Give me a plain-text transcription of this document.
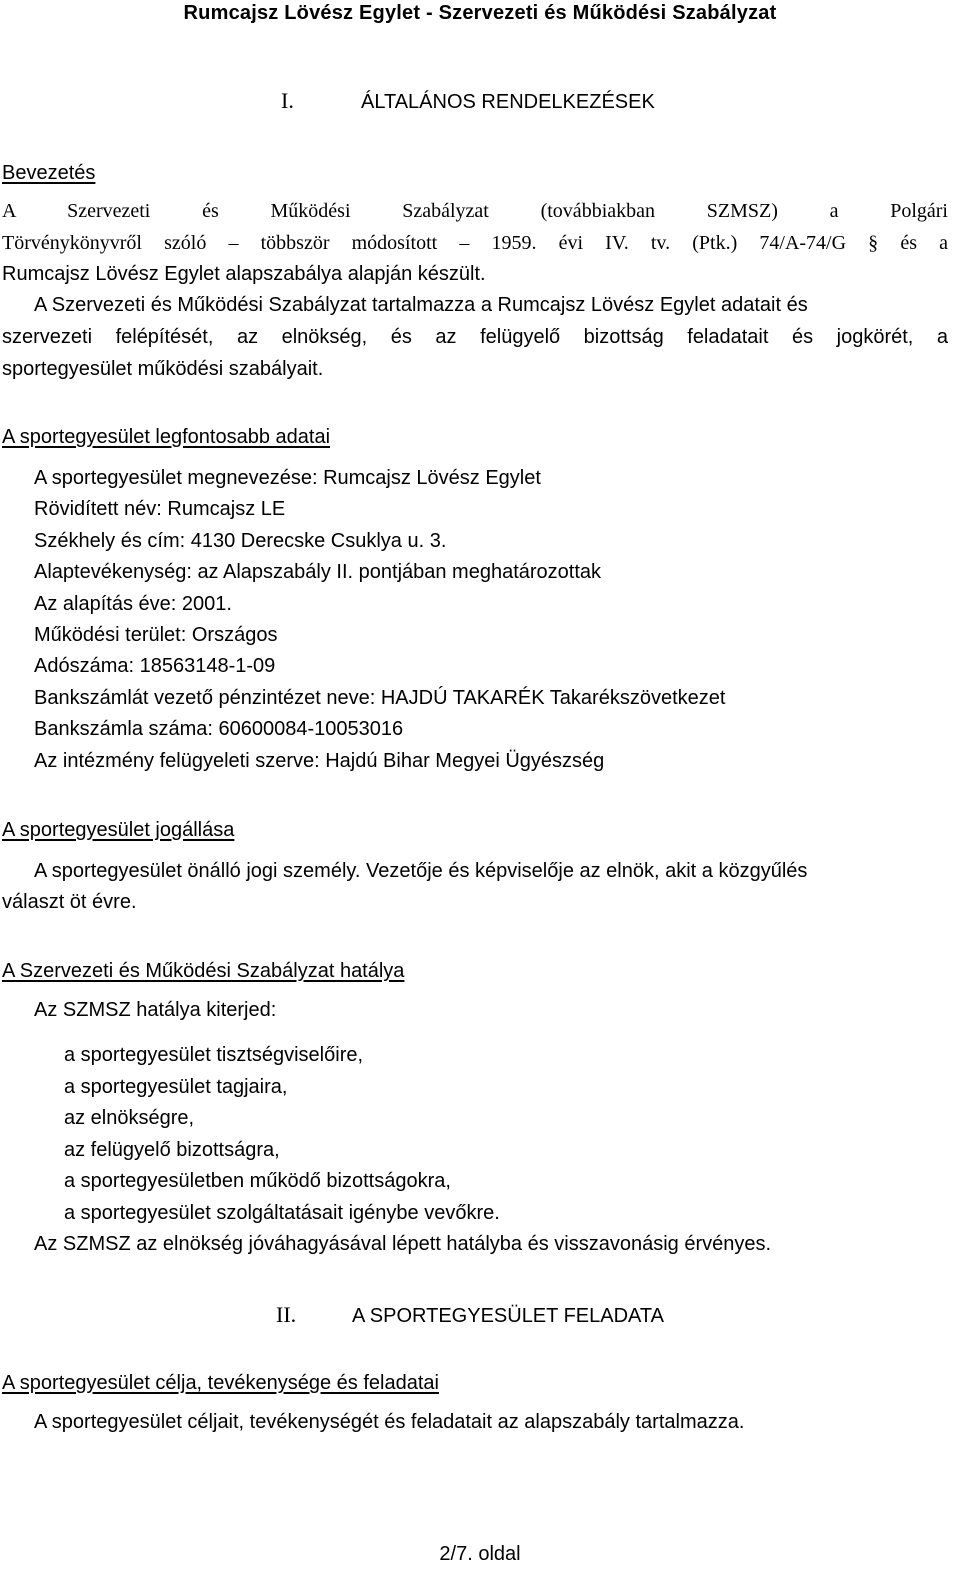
Rumcajsz Lövész Egylet - Szervezeti és Működési Szabályzat
I.	ÁLTALÁNOS RENDELKEZÉSEK
Bevezetés
A Szervezeti és Működési Szabályzat (továbbiakban SZMSZ) a Polgári
Törvénykönyvről szóló – többször módosított – 1959. évi IV. tv. (Ptk.) 74/A-74/G § és a
Rumcajsz Lövész Egylet alapszabálya alapján készült.
A Szervezeti és Működési Szabályzat tartalmazza a Rumcajsz Lövész Egylet adatait és
szervezeti felépítését, az elnökség, és az felügyelő bizottság feladatait és jogkörét, a
sportegyesület működési szabályait.
A sportegyesület legfontosabb adatai
A sportegyesület megnevezése: Rumcajsz Lövész Egylet
Rövidített név: Rumcajsz LE
Székhely és cím: 4130 Derecske Csuklya u. 3.
Alaptevékenység: az Alapszabály II. pontjában meghatározottak
Az alapítás éve: 2001.
Működési terület: Országos
Adószáma: 18563148-1-09
Bankszámlát vezető pénzintézet neve: HAJDÚ TAKARÉK Takarékszövetkezet
Bankszámla száma: 60600084-10053016
Az intézmény felügyeleti szerve: Hajdú Bihar Megyei Ügyészség
A sportegyesület jogállása
A sportegyesület önálló jogi személy. Vezetője és képviselője az elnök, akit a közgyűlés
választ öt évre.
A Szervezeti és Működési Szabályzat hatálya
Az SZMSZ hatálya kiterjed:
a sportegyesület tisztségviselőire,
a sportegyesület tagjaira,
az elnökségre,
az felügyelő bizottságra,
a sportegyesületben működő bizottságokra,
a sportegyesület szolgáltatásait igénybe vevőkre.
Az SZMSZ az elnökség jóváhagyásával lépett hatályba és visszavonásig érvényes.
II.	A SPORTEGYESÜLET FELADATA
A sportegyesület célja, tevékenysége és feladatai
A sportegyesület céljait, tevékenységét és feladatait az alapszabály tartalmazza.
2/7. oldal
